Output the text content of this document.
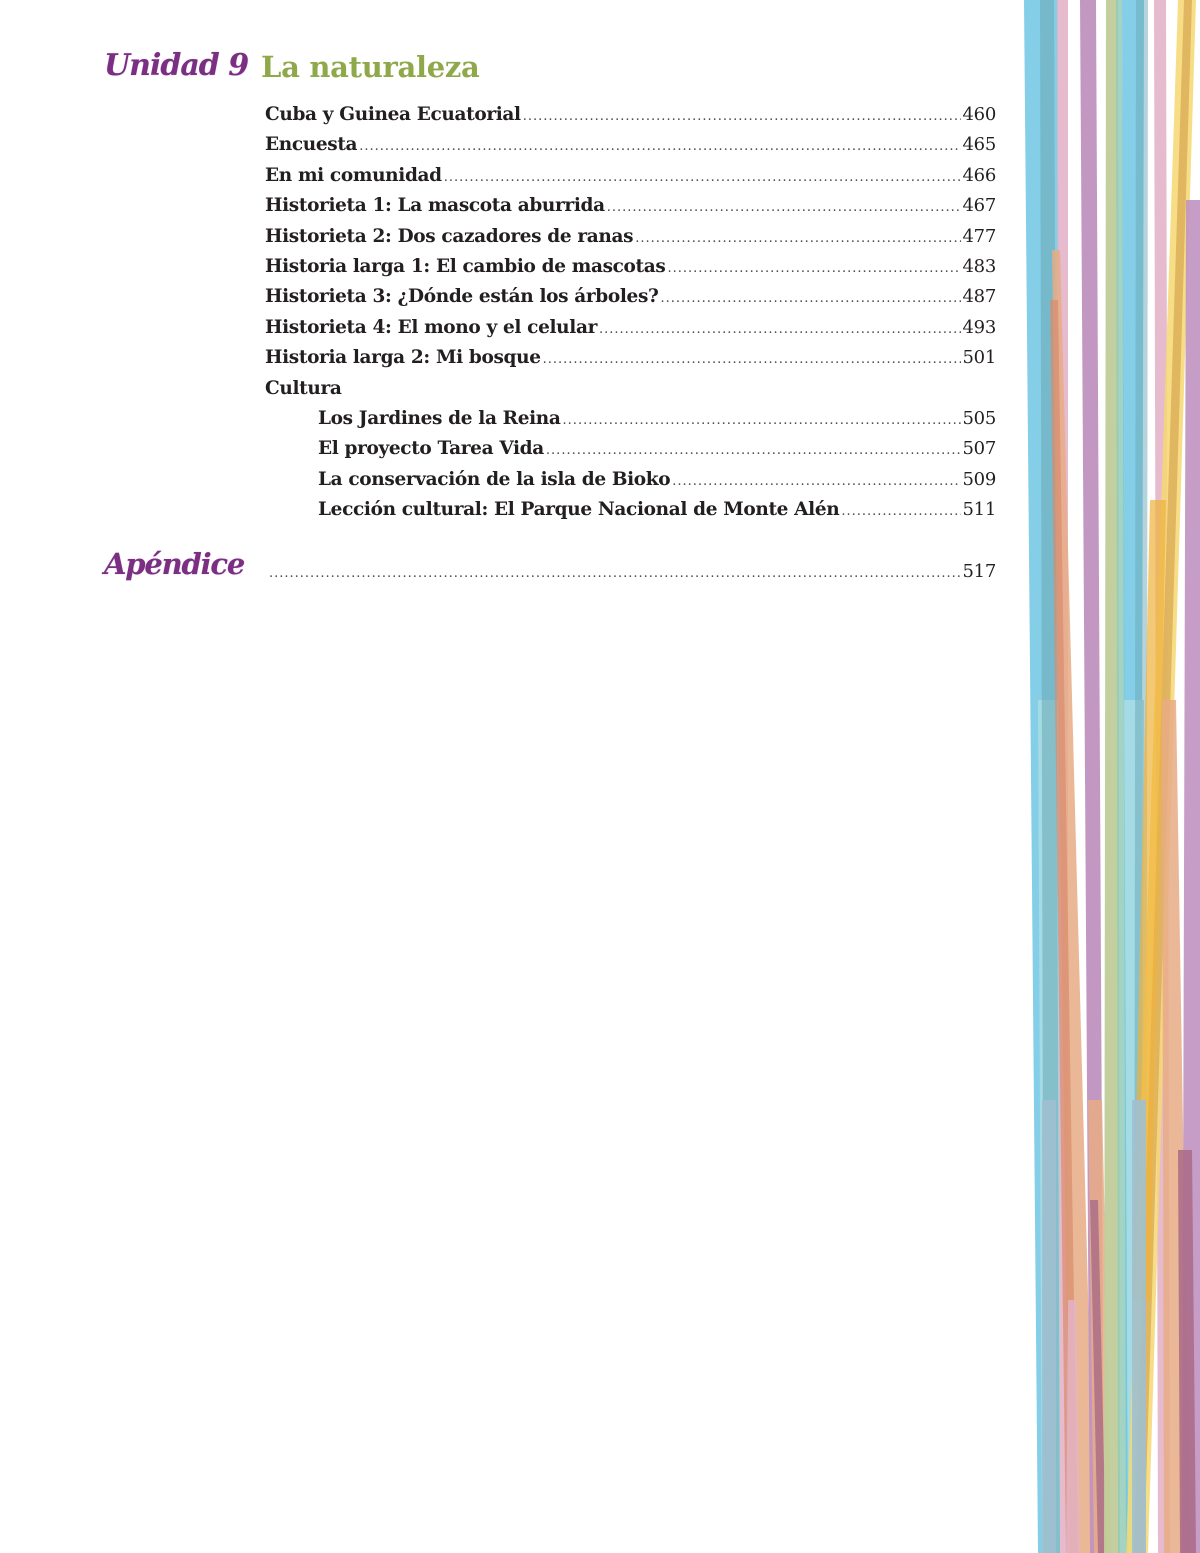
Unidad 9 La naturaleza
Cuba y Guinea Ecuatorial .....	460
Encuesta .....	465
En mi comunidad .....	466
Historieta 1: La mascota aburrida .....	467
Historieta 2: Dos cazadores de ranas .....	477
Historia larga 1: El cambio de mascotas .....	483
Historieta 3: ¿Dónde están los árboles? .....	487
Historieta 4: El mono y el celular .....	493
Historia larga 2: Mi bosque .....	501
Cultura
Los Jardines de la Reina .....	505
El proyecto Tarea Vida .....	507
La conservación de la isla de Bioko .....	509
Lección cultural: El Parque Nacional de Monte Alén .....	511
Apéndice .....	517
